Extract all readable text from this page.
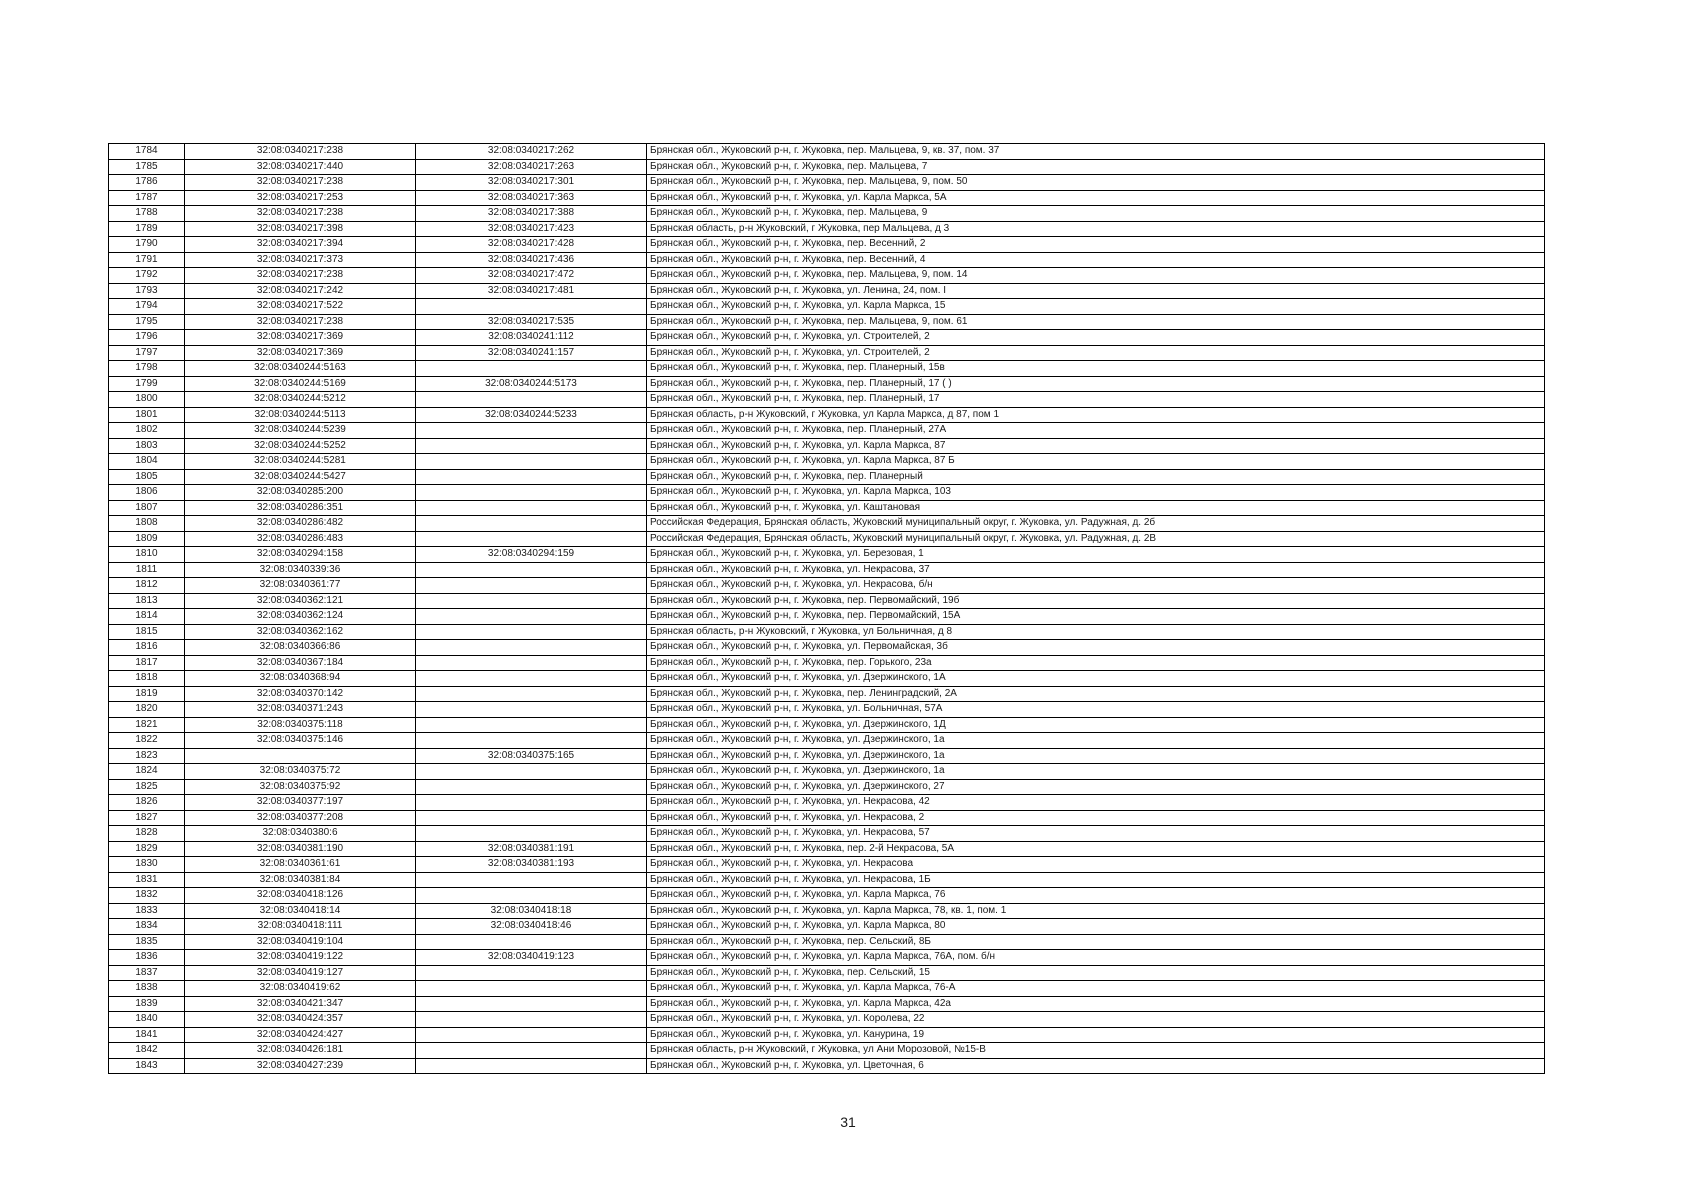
1784	32:08:0340217:238	32:08:0340217:262	Брянская обл., Жуковский р-н, г. Жуковка, пер. Мальцева, 9, кв. 37, пом. 37
1785	32:08:0340217:440	32:08:0340217:263	Брянская обл., Жуковский р-н, г. Жуковка, пер. Мальцева, 7
1786	32:08:0340217:238	32:08:0340217:301	Брянская обл., Жуковский р-н, г. Жуковка, пер. Мальцева, 9, пом. 50
1787	32:08:0340217:253	32:08:0340217:363	Брянская обл., Жуковский р-н, г. Жуковка, ул. Карла Маркса, 5А
1788	32:08:0340217:238	32:08:0340217:388	Брянская обл., Жуковский р-н, г. Жуковка, пер. Мальцева, 9
1789	32:08:0340217:398	32:08:0340217:423	Брянская область, р-н Жуковский, г Жуковка, пер Мальцева, д 3
1790	32:08:0340217:394	32:08:0340217:428	Брянская обл., Жуковский р-н, г. Жуковка, пер. Весенний, 2
1791	32:08:0340217:373	32:08:0340217:436	Брянская обл., Жуковский р-н, г. Жуковка, пер. Весенний, 4
1792	32:08:0340217:238	32:08:0340217:472	Брянская обл., Жуковский р-н, г. Жуковка, пер. Мальцева, 9, пом. 14
1793	32:08:0340217:242	32:08:0340217:481	Брянская обл., Жуковский р-н, г. Жуковка, ул. Ленина, 24, пом. I
1794	32:08:0340217:522		Брянская обл., Жуковский р-н, г. Жуковка, ул. Карла Маркса, 15
1795	32:08:0340217:238	32:08:0340217:535	Брянская обл., Жуковский р-н, г. Жуковка, пер. Мальцева, 9, пом. 61
1796	32:08:0340217:369	32:08:0340241:112	Брянская обл., Жуковский р-н, г. Жуковка, ул. Строителей, 2
1797	32:08:0340217:369	32:08:0340241:157	Брянская обл., Жуковский р-н, г. Жуковка, ул. Строителей, 2
1798	32:08:0340244:5163		Брянская обл., Жуковский р-н, г. Жуковка, пер. Планерный, 15в
1799	32:08:0340244:5169	32:08:0340244:5173	Брянская обл., Жуковский р-н, г. Жуковка, пер. Планерный, 17 ( )
1800	32:08:0340244:5212		Брянская обл., Жуковский р-н, г. Жуковка, пер. Планерный, 17
1801	32:08:0340244:5113	32:08:0340244:5233	Брянская область, р-н Жуковский, г Жуковка, ул Карла Маркса, д 87, пом 1
1802	32:08:0340244:5239		Брянская обл., Жуковский р-н, г. Жуковка, пер. Планерный, 27А
1803	32:08:0340244:5252		Брянская обл., Жуковский р-н, г. Жуковка, ул. Карла Маркса, 87
1804	32:08:0340244:5281		Брянская обл., Жуковский р-н, г. Жуковка, ул. Карла Маркса, 87 Б
1805	32:08:0340244:5427		Брянская обл., Жуковский р-н, г. Жуковка, пер. Планерный
1806	32:08:0340285:200		Брянская обл., Жуковский р-н, г. Жуковка, ул. Карла Маркса, 103
1807	32:08:0340286:351		Брянская обл., Жуковский р-н, г. Жуковка, ул. Каштановая
1808	32:08:0340286:482		Российская Федерация, Брянская область, Жуковский муниципальный округ, г. Жуковка, ул. Радужная, д. 2б
1809	32:08:0340286:483		Российская Федерация, Брянская область, Жуковский муниципальный округ, г. Жуковка, ул. Радужная, д. 2В
1810	32:08:0340294:158	32:08:0340294:159	Брянская обл., Жуковский р-н, г. Жуковка, ул. Березовая, 1
1811	32:08:0340339:36		Брянская обл., Жуковский р-н, г. Жуковка, ул. Некрасова, 37
1812	32:08:0340361:77		Брянская обл., Жуковский р-н, г. Жуковка, ул. Некрасова, б/н
1813	32:08:0340362:121		Брянская обл., Жуковский р-н, г. Жуковка, пер. Первомайский, 19б
1814	32:08:0340362:124		Брянская обл., Жуковский р-н, г. Жуковка, пер. Первомайский, 15А
1815	32:08:0340362:162		Брянская область, р-н Жуковский, г Жуковка, ул Больничная, д 8
1816	32:08:0340366:86		Брянская обл., Жуковский р-н, г. Жуковка, ул. Первомайская, 3б
1817	32:08:0340367:184		Брянская обл., Жуковский р-н, г. Жуковка, пер. Горького, 23а
1818	32:08:0340368:94		Брянская обл., Жуковский р-н, г. Жуковка, ул. Дзержинского, 1А
1819	32:08:0340370:142		Брянская обл., Жуковский р-н, г. Жуковка, пер. Ленинградский, 2А
1820	32:08:0340371:243		Брянская обл., Жуковский р-н, г. Жуковка, ул. Больничная, 57А
1821	32:08:0340375:118		Брянская обл., Жуковский р-н, г. Жуковка, ул. Дзержинского, 1Д
1822	32:08:0340375:146		Брянская обл., Жуковский р-н, г. Жуковка, ул. Дзержинского, 1а
1823		32:08:0340375:165	Брянская обл., Жуковский р-н, г. Жуковка, ул. Дзержинского, 1а
1824	32:08:0340375:72		Брянская обл., Жуковский р-н, г. Жуковка, ул. Дзержинского, 1а
1825	32:08:0340375:92		Брянская обл., Жуковский р-н, г. Жуковка, ул. Дзержинского, 27
1826	32:08:0340377:197		Брянская обл., Жуковский р-н, г. Жуковка, ул. Некрасова, 42
1827	32:08:0340377:208		Брянская обл., Жуковский р-н, г. Жуковка, ул. Некрасова, 2
1828	32:08:0340380:6		Брянская обл., Жуковский р-н, г. Жуковка, ул. Некрасова, 57
1829	32:08:0340381:190	32:08:0340381:191	Брянская обл., Жуковский р-н, г. Жуковка, пер. 2-й Некрасова, 5А
1830	32:08:0340361:61	32:08:0340381:193	Брянская обл., Жуковский р-н, г. Жуковка, ул. Некрасова
1831	32:08:0340381:84		Брянская обл., Жуковский р-н, г. Жуковка, ул. Некрасова, 1Б
1832	32:08:0340418:126		Брянская обл., Жуковский р-н, г. Жуковка, ул. Карла Маркса, 76
1833	32:08:0340418:14	32:08:0340418:18	Брянская обл., Жуковский р-н, г. Жуковка, ул. Карла Маркса, 78, кв. 1, пом. 1
1834	32:08:0340418:111	32:08:0340418:46	Брянская обл., Жуковский р-н, г. Жуковка, ул. Карла Маркса, 80
1835	32:08:0340419:104		Брянская обл., Жуковский р-н, г. Жуковка, пер. Сельский, 8Б
1836	32:08:0340419:122	32:08:0340419:123	Брянская обл., Жуковский р-н, г. Жуковка, ул. Карла Маркса, 76А, пом. б/н
1837	32:08:0340419:127		Брянская обл., Жуковский р-н, г. Жуковка, пер. Сельский, 15
1838	32:08:0340419:62		Брянская обл., Жуковский р-н, г. Жуковка, ул. Карла Маркса, 76-А
1839	32:08:0340421:347		Брянская обл., Жуковский р-н, г. Жуковка, ул. Карла Маркса, 42а
1840	32:08:0340424:357		Брянская обл., Жуковский р-н, г. Жуковка, ул. Королева, 22
1841	32:08:0340424:427		Брянская обл., Жуковский р-н, г. Жуковка, ул. Канурина, 19
1842	32:08:0340426:181		Брянская область, р-н Жуковский, г Жуковка, ул Ани Морозовой, №15-В
1843	32:08:0340427:239		Брянская обл., Жуковский р-н, г. Жуковка, ул. Цветочная, 6
31
